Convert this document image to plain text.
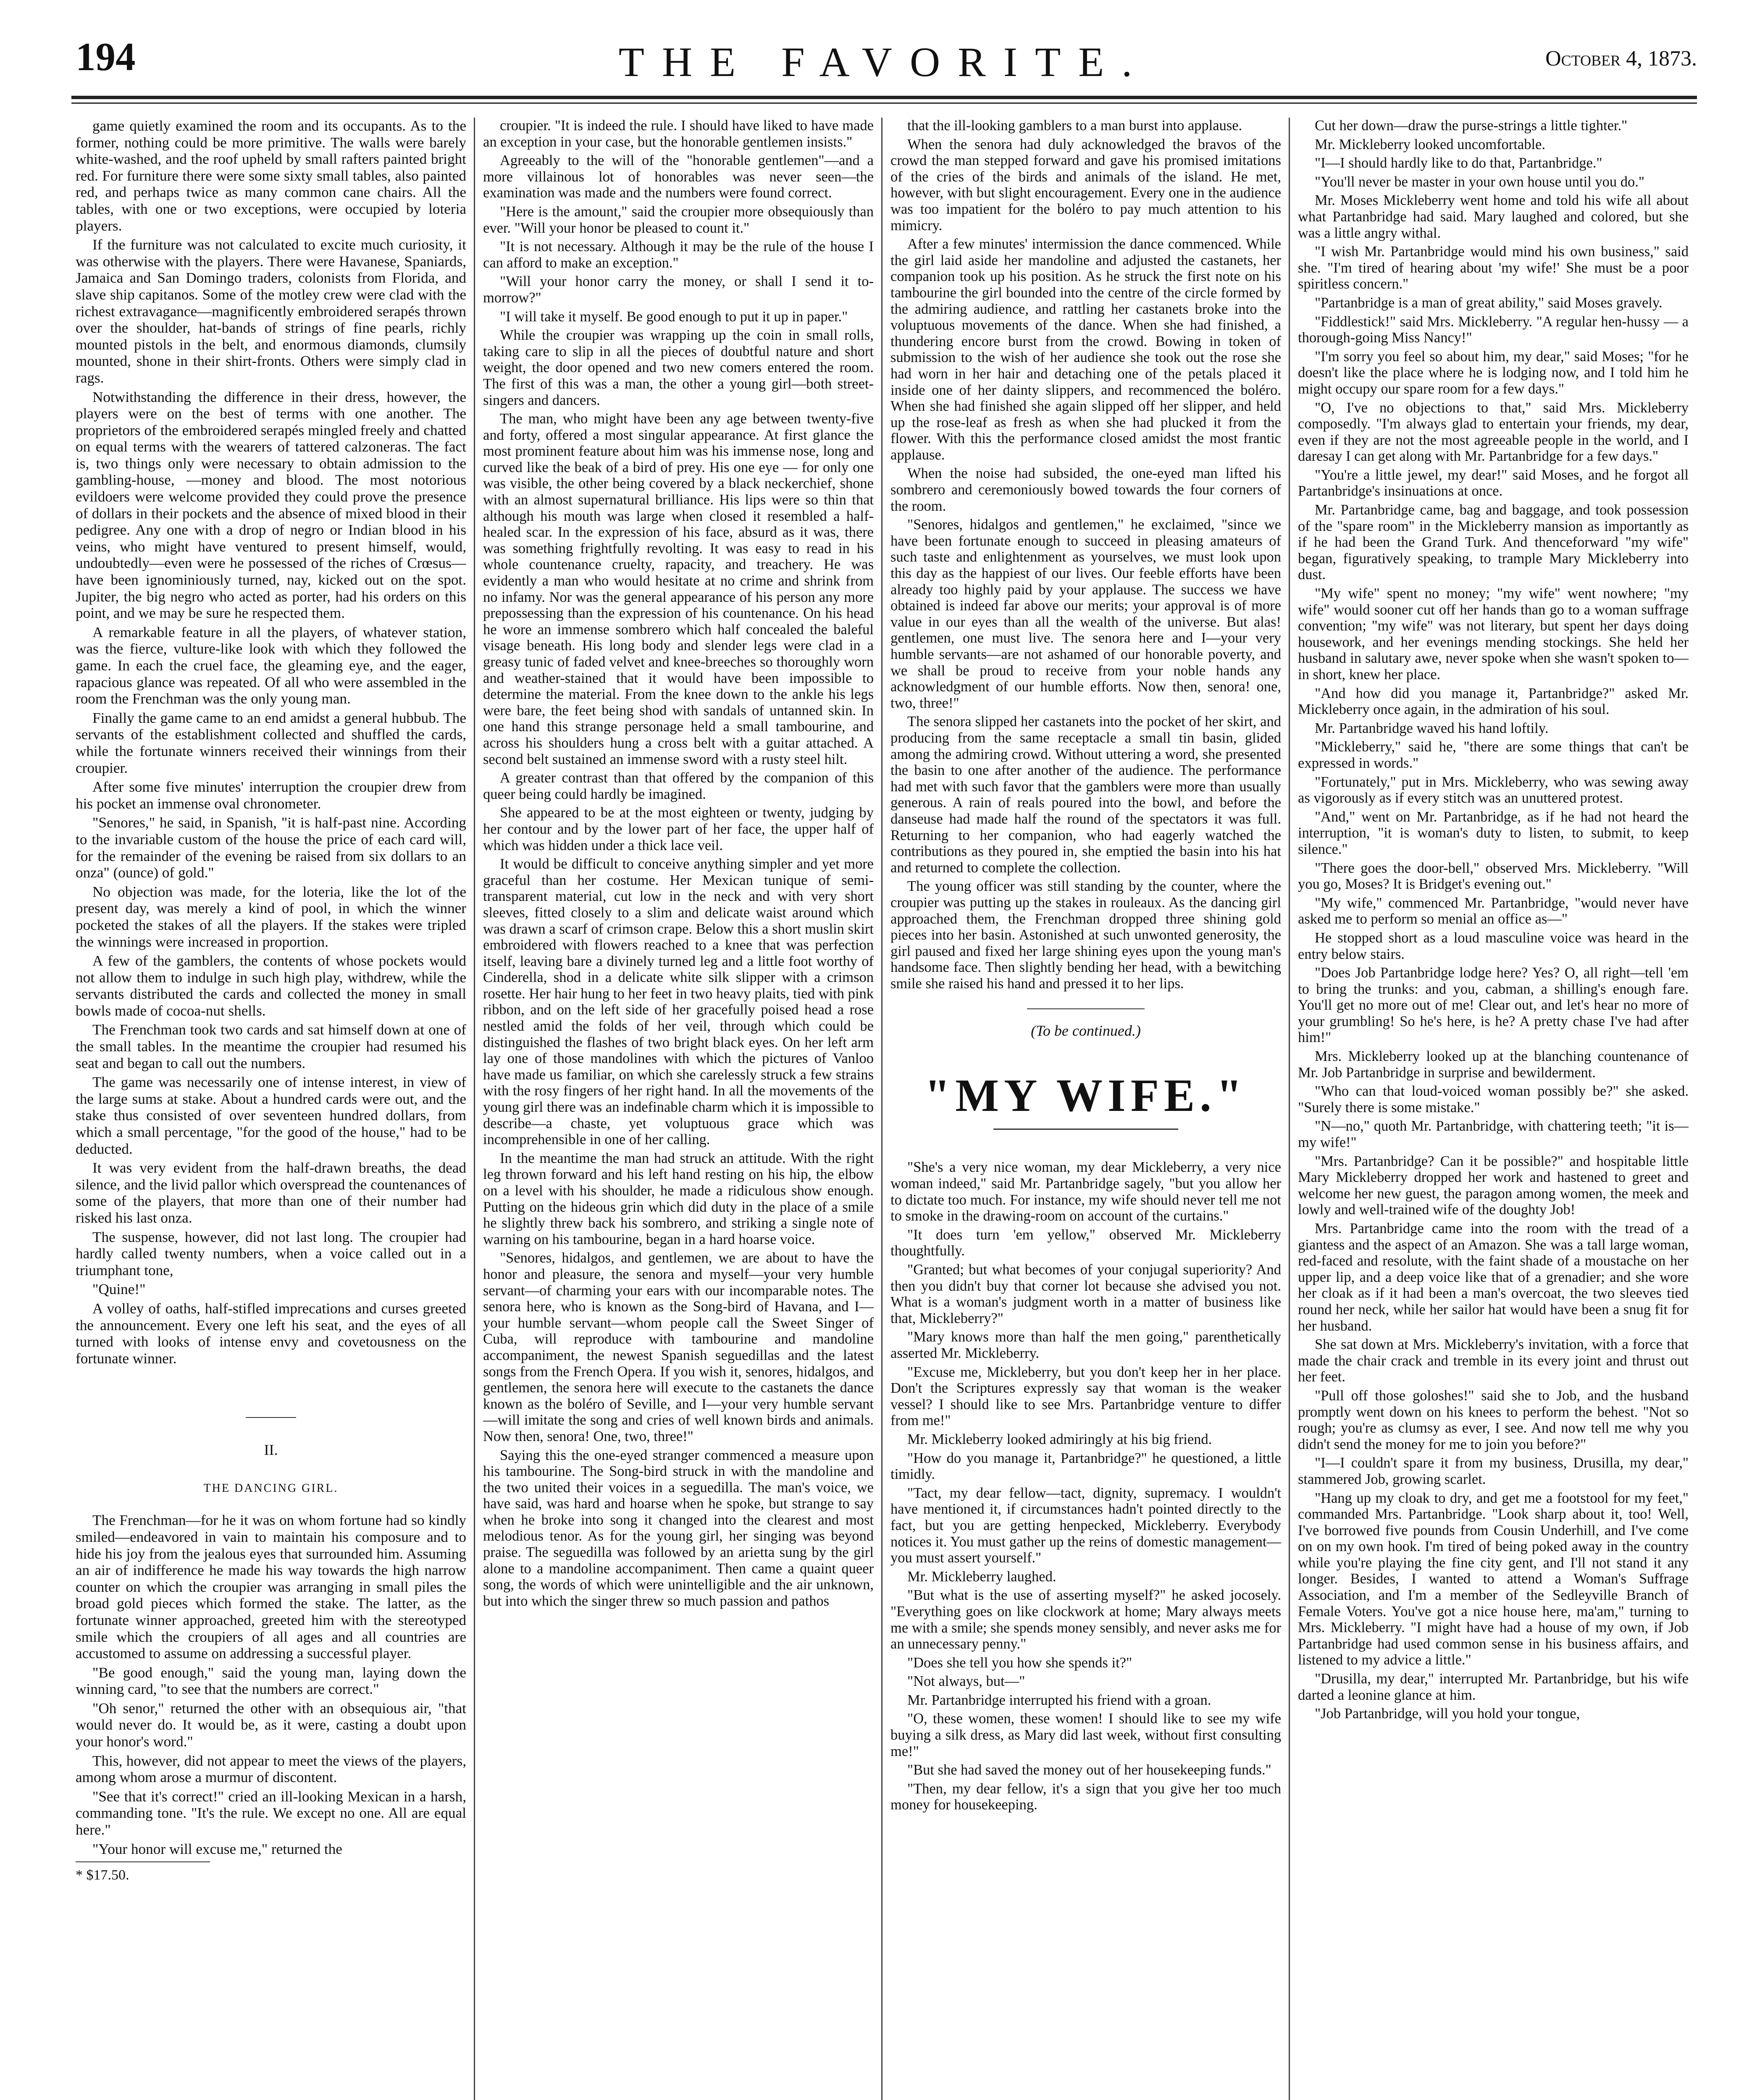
194	THE FAVORITE.	October 4, 1873.

game quietly examined the room and its occupants. As to the former, nothing could be more primitive. The walls were barely white-washed, and the roof upheld by small rafters painted bright red. For furniture there were some sixty small tables, also painted red, and perhaps twice as many common cane chairs. All the tables, with one or two exceptions, were occupied by loteria players.

If the furniture was not calculated to excite much curiosity, it was otherwise with the players. There were Havanese, Spaniards, Jamaica and San Domingo traders, colonists from Florida, and slave ship capitanos. Some of the motley crew were clad with the richest extravagance—magnificently embroidered serapés thrown over the shoulder, hat-bands of strings of fine pearls, richly mounted pistols in the belt, and enormous diamonds, clumsily mounted, shone in their shirt-fronts. Others were simply clad in rags.

Notwithstanding the difference in their dress, however, the players were on the best of terms with one another. The proprietors of the embroidered serapés mingled freely and chatted on equal terms with the wearers of tattered calzoneras. The fact is, two things only were necessary to obtain admission to the gambling-house, —money and blood. The most notorious evildoers were welcome provided they could prove the presence of dollars in their pockets and the absence of mixed blood in their pedigree. Any one with a drop of negro or Indian blood in his veins, who might have ventured to present himself, would, undoubtedly—even were he possessed of the riches of Crœsus—have been ignominiously turned, nay, kicked out on the spot. Jupiter, the big negro who acted as porter, had his orders on this point, and we may be sure he respected them.

A remarkable feature in all the players, of whatever station, was the fierce, vulture-like look with which they followed the game. In each the cruel face, the gleaming eye, and the eager, rapacious glance was repeated. Of all who were assembled in the room the Frenchman was the only young man.

Finally the game came to an end amidst a general hubbub. The servants of the establishment collected and shuffled the cards, while the fortunate winners received their winnings from their croupier.

After some five minutes' interruption the croupier drew from his pocket an immense oval chronometer.

"Senores," he said, in Spanish, "it is half-past nine. According to the invariable custom of the house the price of each card will, for the remainder of the evening be raised from six dollars to an onza" (ounce) of gold."

No objection was made, for the loteria, like the lot of the present day, was merely a kind of pool, in which the winner pocketed the stakes of all the players. If the stakes were tripled the winnings were increased in proportion.

A few of the gamblers, the contents of whose pockets would not allow them to indulge in such high play, withdrew, while the servants distributed the cards and collected the money in small bowls made of cocoa-nut shells.

The Frenchman took two cards and sat himself down at one of the small tables. In the meantime the croupier had resumed his seat and began to call out the numbers.

The game was necessarily one of intense interest, in view of the large sums at stake. About a hundred cards were out, and the stake thus consisted of over seventeen hundred dollars, from which a small percentage, "for the good of the house," had to be deducted.

It was very evident from the half-drawn breaths, the dead silence, and the livid pallor which overspread the countenances of some of the players, that more than one of their number had risked his last onza.

The suspense, however, did not last long. The croupier had hardly called twenty numbers, when a voice called out in a triumphant tone,

"Quine!"

A volley of oaths, half-stifled imprecations and curses greeted the announcement. Every one left his seat, and the eyes of all turned with looks of intense envy and covetousness on the fortunate winner.

II.
THE DANCING GIRL.

The Frenchman—for he it was on whom fortune had so kindly smiled—endeavored in vain to maintain his composure and to hide his joy from the jealous eyes that surrounded him. Assuming an air of indifference he made his way towards the high narrow counter on which the croupier was arranging in small piles the broad gold pieces which formed the stake. The latter, as the fortunate winner approached, greeted him with the stereotyped smile which the croupiers of all ages and all countries are accustomed to assume on addressing a successful player.

"Be good enough," said the young man, laying down the winning card, "to see that the numbers are correct."

"Oh senor," returned the other with an obsequious air, "that would never do. It would be, as it were, casting a doubt upon your honor's word."

This, however, did not appear to meet the views of the players, among whom arose a murmur of discontent.

"See that it's correct!" cried an ill-looking Mexican in a harsh, commanding tone. "It's the rule. We except no one. All are equal here."

"Your honor will excuse me," returned the

* $17.50.

croupier. "It is indeed the rule. I should have liked to have made an exception in your case, but the honorable gentlemen insists."

Agreeably to the will of the "honorable gentlemen"—and a more villainous lot of honorables was never seen—the examination was made and the numbers were found correct.

"Here is the amount," said the croupier more obsequiously than ever. "Will your honor be pleased to count it."

"It is not necessary. Although it may be the rule of the house I can afford to make an exception."

"Will your honor carry the money, or shall I send it to-morrow?"

"I will take it myself. Be good enough to put it up in paper."

While the croupier was wrapping up the coin in small rolls, taking care to slip in all the pieces of doubtful nature and short weight, the door opened and two new comers entered the room. The first of this was a man, the other a young girl—both street-singers and dancers.

The man, who might have been any age between twenty-five and forty, offered a most singular appearance. At first glance the most prominent feature about him was his immense nose, long and curved like the beak of a bird of prey. His one eye — for only one was visible, the other being covered by a black neckerchief, shone with an almost supernatural brilliance. His lips were so thin that although his mouth was large when closed it resembled a half-healed scar. In the expression of his face, absurd as it was, there was something frightfully revolting. It was easy to read in his whole countenance cruelty, rapacity, and treachery. He was evidently a man who would hesitate at no crime and shrink from no infamy. Nor was the general appearance of his person any more prepossessing than the expression of his countenance. On his head he wore an immense sombrero which half concealed the baleful visage beneath. His long body and slender legs were clad in a greasy tunic of faded velvet and knee-breeches so thoroughly worn and weather-stained that it would have been impossible to determine the material. From the knee down to the ankle his legs were bare, the feet being shod with sandals of untanned skin. In one hand this strange personage held a small tambourine, and across his shoulders hung a cross belt with a guitar attached. A second belt sustained an immense sword with a rusty steel hilt.

A greater contrast than that offered by the companion of this queer being could hardly be imagined.

She appeared to be at the most eighteen or twenty, judging by her contour and by the lower part of her face, the upper half of which was hidden under a thick lace veil.

It would be difficult to conceive anything simpler and yet more graceful than her costume. Her Mexican tunique of semi-transparent material, cut low in the neck and with very short sleeves, fitted closely to a slim and delicate waist around which was drawn a scarf of crimson crape. Below this a short muslin skirt embroidered with flowers reached to a knee that was perfection itself, leaving bare a divinely turned leg and a little foot worthy of Cinderella, shod in a delicate white silk slipper with a crimson rosette. Her hair hung to her feet in two heavy plaits, tied with pink ribbon, and on the left side of her gracefully poised head a rose nestled amid the folds of her veil, through which could be distinguished the flashes of two bright black eyes. On her left arm lay one of those mandolines with which the pictures of Vanloo have made us familiar, on which she carelessly struck a few strains with the rosy fingers of her right hand. In all the movements of the young girl there was an indefinable charm which it is impossible to describe—a chaste, yet voluptuous grace which was incomprehensible in one of her calling.

In the meantime the man had struck an attitude. With the right leg thrown forward and his left hand resting on his hip, the elbow on a level with his shoulder, he made a ridiculous show enough. Putting on the hideous grin which did duty in the place of a smile he slightly threw back his sombrero, and striking a single note of warning on his tambourine, began in a hard hoarse voice.

"Senores, hidalgos, and gentlemen, we are about to have the honor and pleasure, the senora and myself—your very humble servant—of charming your ears with our incomparable notes. The senora here, who is known as the Song-bird of Havana, and I—your humble servant—whom people call the Sweet Singer of Cuba, will reproduce with tambourine and mandoline accompaniment, the newest Spanish seguedillas and the latest songs from the French Opera. If you wish it, senores, hidalgos, and gentlemen, the senora here will execute to the castanets the dance known as the boléro of Seville, and I—your very humble servant—will imitate the song and cries of well known birds and animals. Now then, senora! One, two, three!"

Saying this the one-eyed stranger commenced a measure upon his tambourine. The Song-bird struck in with the mandoline and the two united their voices in a seguedilla. The man's voice, we have said, was hard and hoarse when he spoke, but strange to say when he broke into song it changed into the clearest and most melodious tenor. As for the young girl, her singing was beyond praise. The seguedilla was followed by an arietta sung by the girl alone to a mandoline accompaniment. Then came a quaint queer song, the words of which were unintelligible and the air unknown, but into which the singer threw so much passion and pathos

that the ill-looking gamblers to a man burst into applause.

When the senora had duly acknowledged the bravos of the crowd the man stepped forward and gave his promised imitations of the cries of the birds and animals of the island. He met, however, with but slight encouragement. Every one in the audience was too impatient for the boléro to pay much attention to his mimicry.

After a few minutes' intermission the dance commenced. While the girl laid aside her mandoline and adjusted the castanets, her companion took up his position. As he struck the first note on his tambourine the girl bounded into the centre of the circle formed by the admiring audience, and rattling her castanets broke into the voluptuous movements of the dance. When she had finished, a thundering encore burst from the crowd. Bowing in token of submission to the wish of her audience she took out the rose she had worn in her hair and detaching one of the petals placed it inside one of her dainty slippers, and recommenced the boléro. When she had finished she again slipped off her slipper, and held up the rose-leaf as fresh as when she had plucked it from the flower. With this the performance closed amidst the most frantic applause.

When the noise had subsided, the one-eyed man lifted his sombrero and ceremoniously bowed towards the four corners of the room.

"Senores, hidalgos and gentlemen," he exclaimed, "since we have been fortunate enough to succeed in pleasing amateurs of such taste and enlightenment as yourselves, we must look upon this day as the happiest of our lives. Our feeble efforts have been already too highly paid by your applause. The success we have obtained is indeed far above our merits; your approval is of more value in our eyes than all the wealth of the universe. But alas! gentlemen, one must live. The senora here and I—your very humble servants—are not ashamed of our honorable poverty, and we shall be proud to receive from your noble hands any acknowledgment of our humble efforts. Now then, senora! one, two, three!"

The senora slipped her castanets into the pocket of her skirt, and producing from the same receptacle a small tin basin, glided among the admiring crowd. Without uttering a word, she presented the basin to one after another of the audience. The performance had met with such favor that the gamblers were more than usually generous. A rain of reals poured into the bowl, and before the danseuse had made half the round of the spectators it was full. Returning to her companion, who had eagerly watched the contributions as they poured in, she emptied the basin into his hat and returned to complete the collection.

The young officer was still standing by the counter, where the croupier was putting up the stakes in rouleaux. As the dancing girl approached them, the Frenchman dropped three shining gold pieces into her basin. Astonished at such unwonted generosity, the girl paused and fixed her large shining eyes upon the young man's handsome face. Then slightly bending her head, with a bewitching smile she raised his hand and pressed it to her lips.

(To be continued.)
"MY WIFE."

"She's a very nice woman, my dear Mickleberry, a very nice woman indeed," said Mr. Partanbridge sagely, "but you allow her to dictate too much. For instance, my wife should never tell me not to smoke in the drawing-room on account of the curtains."

"It does turn 'em yellow," observed Mr. Mickleberry thoughtfully.

"Granted; but what becomes of your conjugal superiority? And then you didn't buy that corner lot because she advised you not. What is a woman's judgment worth in a matter of business like that, Mickleberry?"

"Mary knows more than half the men going," parenthetically asserted Mr. Mickleberry.

"Excuse me, Mickleberry, but you don't keep her in her place. Don't the Scriptures expressly say that woman is the weaker vessel? I should like to see Mrs. Partanbridge venture to differ from me!"

Mr. Mickleberry looked admiringly at his big friend.

"How do you manage it, Partanbridge?" he questioned, a little timidly.

"Tact, my dear fellow—tact, dignity, supremacy. I wouldn't have mentioned it, if circumstances hadn't pointed directly to the fact, but you are getting henpecked, Mickleberry. Everybody notices it. You must gather up the reins of domestic management—you must assert yourself."

Mr. Mickleberry laughed.

"But what is the use of asserting myself?" he asked jocosely. "Everything goes on like clockwork at home; Mary always meets me with a smile; she spends money sensibly, and never asks me for an unnecessary penny."

"Does she tell you how she spends it?"

"Not always, but—"

Mr. Partanbridge interrupted his friend with a groan.

"O, these women, these women! I should like to see my wife buying a silk dress, as Mary did last week, without first consulting me!"

"But she had saved the money out of her housekeeping funds."

"Then, my dear fellow, it's a sign that you give her too much money for housekeeping.

Cut her down—draw the purse-strings a little tighter."

Mr. Mickleberry looked uncomfortable.

"I—I should hardly like to do that, Partanbridge."

"You'll never be master in your own house until you do."

Mr. Moses Mickleberry went home and told his wife all about what Partanbridge had said. Mary laughed and colored, but she was a little angry withal.

"I wish Mr. Partanbridge would mind his own business," said she. "I'm tired of hearing about 'my wife!' She must be a poor spiritless concern."

"Partanbridge is a man of great ability," said Moses gravely.

"Fiddlestick!" said Mrs. Mickleberry. "A regular hen-hussy — a thorough-going Miss Nancy!"

"I'm sorry you feel so about him, my dear," said Moses; "for he doesn't like the place where he is lodging now, and I told him he might occupy our spare room for a few days."

"O, I've no objections to that," said Mrs. Mickleberry composedly. "I'm always glad to entertain your friends, my dear, even if they are not the most agreeable people in the world, and I daresay I can get along with Mr. Partanbridge for a few days."

"You're a little jewel, my dear!" said Moses, and he forgot all Partanbridge's insinuations at once.

Mr. Partanbridge came, bag and baggage, and took possession of the "spare room" in the Mickleberry mansion as importantly as if he had been the Grand Turk. And thenceforward "my wife" began, figuratively speaking, to trample Mary Mickleberry into dust.

"My wife" spent no money; "my wife" went nowhere; "my wife" would sooner cut off her hands than go to a woman suffrage convention; "my wife" was not literary, but spent her days doing housework, and her evenings mending stockings. She held her husband in salutary awe, never spoke when she wasn't spoken to—in short, knew her place.

"And how did you manage it, Partanbridge?" asked Mr. Mickleberry once again, in the admiration of his soul.

Mr. Partanbridge waved his hand loftily.

"Mickleberry," said he, "there are some things that can't be expressed in words."

"Fortunately," put in Mrs. Mickleberry, who was sewing away as vigorously as if every stitch was an unuttered protest.

"And," went on Mr. Partanbridge, as if he had not heard the interruption, "it is woman's duty to listen, to submit, to keep silence."

"There goes the door-bell," observed Mrs. Mickleberry. "Will you go, Moses? It is Bridget's evening out."

"My wife," commenced Mr. Partanbridge, "would never have asked me to perform so menial an office as—"

He stopped short as a loud masculine voice was heard in the entry below stairs.

"Does Job Partanbridge lodge here? Yes? O, all right—tell 'em to bring the trunks: and you, cabman, a shilling's enough fare. You'll get no more out of me! Clear out, and let's hear no more of your grumbling! So he's here, is he? A pretty chase I've had after him!"

Mrs. Mickleberry looked up at the blanching countenance of Mr. Job Partanbridge in surprise and bewilderment.

"Who can that loud-voiced woman possibly be?" she asked. "Surely there is some mistake."

"N—no," quoth Mr. Partanbridge, with chattering teeth; "it is—my wife!"

"Mrs. Partanbridge? Can it be possible?" and hospitable little Mary Mickleberry dropped her work and hastened to greet and welcome her new guest, the paragon among women, the meek and lowly and well-trained wife of the doughty Job!

Mrs. Partanbridge came into the room with the tread of a giantess and the aspect of an Amazon. She was a tall large woman, red-faced and resolute, with the faint shade of a moustache on her upper lip, and a deep voice like that of a grenadier; and she wore her cloak as if it had been a man's overcoat, the two sleeves tied round her neck, while her sailor hat would have been a snug fit for her husband.

She sat down at Mrs. Mickleberry's invitation, with a force that made the chair crack and tremble in its every joint and thrust out her feet.

"Pull off those goloshes!" said she to Job, and the husband promptly went down on his knees to perform the behest. "Not so rough; you're as clumsy as ever, I see. And now tell me why you didn't send the money for me to join you before?"

"I—I couldn't spare it from my business, Drusilla, my dear," stammered Job, growing scarlet.

"Hang up my cloak to dry, and get me a footstool for my feet," commanded Mrs. Partanbridge. "Look sharp about it, too! Well, I've borrowed five pounds from Cousin Underhill, and I've come on on my own hook. I'm tired of being poked away in the country while you're playing the fine city gent, and I'll not stand it any longer. Besides, I wanted to attend a Woman's Suffrage Association, and I'm a member of the Sedleyville Branch of Female Voters. You've got a nice house here, ma'am," turning to Mrs. Mickleberry. "I might have had a house of my own, if Job Partanbridge had used common sense in his business affairs, and listened to my advice a little."

"Drusilla, my dear," interrupted Mr. Partanbridge, but his wife darted a leonine glance at him.

"Job Partanbridge, will you hold your tongue,
